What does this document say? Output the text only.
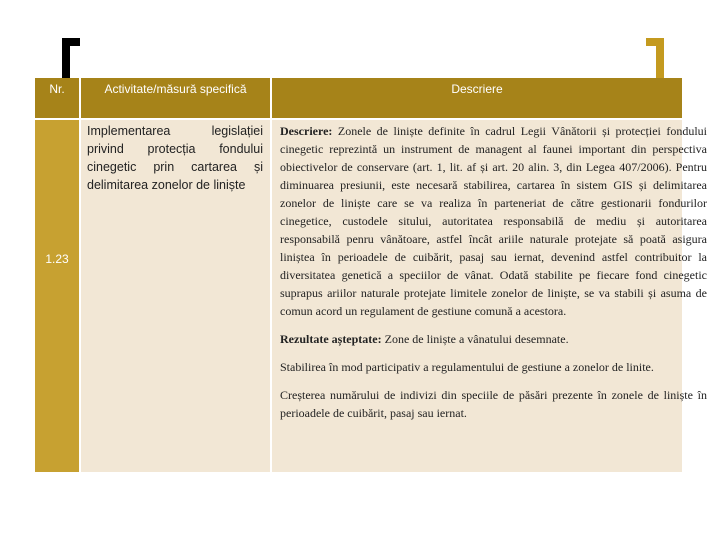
Nr.	Activitate/măsură specifică	Descriere
1.23
Implementarea legislației privind protecția fondului cinegetic prin cartarea și delimitarea zonelor de liniște

Descriere: Zonele de liniște definite în cadrul Legii Vânătorii și protecției fondului cinegetic reprezintă un instrument de managent al faunei important din perspectiva obiectivelor de conservare (art. 1, lit. af și art. 20 alin. 3, din Legea 407/2006). Pentru diminuarea presiunii, este necesară stabilirea, cartarea în sistem GIS și delimitarea zonelor de liniște care se va realiza în parteneriat de către gestionarii fondurilor cinegetice, custodele sitului, autoritatea responsabilă de mediu și autoritarea responsabilă penru vânătoare, astfel încât ariile naturale protejate să poată asigura liniștea în perioadele de cuibărit, pasaj sau iernat, devenind astfel contribuitor la diversitatea genetică a speciilor de vânat. Odată stabilite pe fiecare fond cinegetic suprapus ariilor naturale protejate limitele zonelor de liniște, se va stabili și asuma de comun acord un regulament de gestiune comună a acestora.

Rezultate așteptate: Zone de liniște a vânatului desemnate.

Stabilirea în mod participativ a regulamentului de gestiune a zonelor de linite.

Creșterea numărului de indivizi din speciile de păsări prezente în zonele de liniște în perioadele de cuibărit, pasaj sau iernat.
